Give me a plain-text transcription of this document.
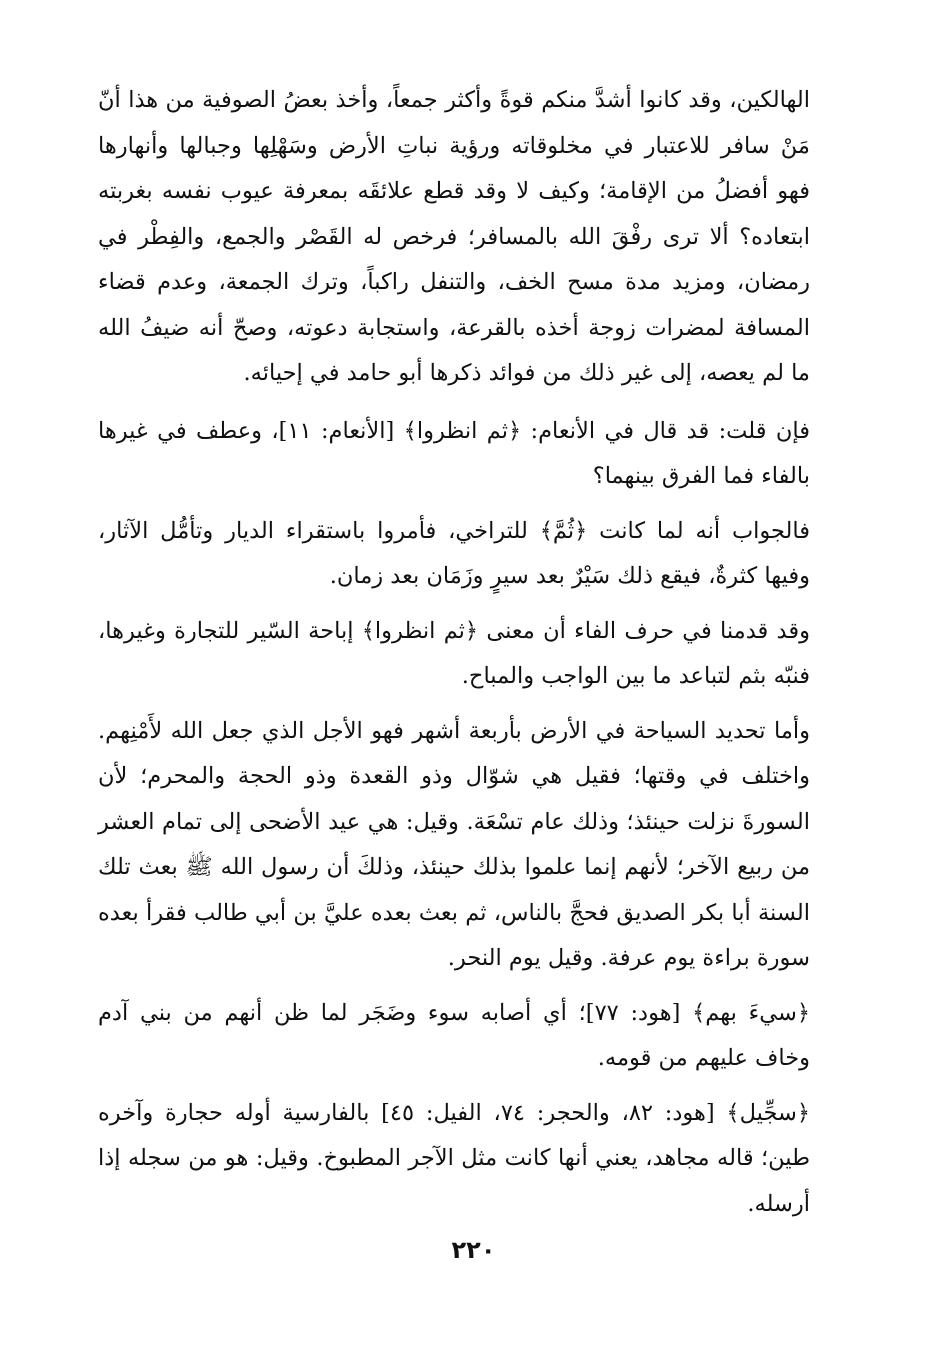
الهالكين، وقد كانوا أشدَّ منكم قوةً وأكثر جمعاً، وأخذ بعضُ الصوفية من هذا أنّ مَنْ سافر للاعتبار في مخلوقاته ورؤية نباتِ الأرض وسَهْلِها وجبالها وأنهارها فهو أفضلُ من الإقامة؛ وكيف لا وقد قطع علائقَه بمعرفة عيوب نفسه بغربته ابتعاده؟ ألا ترى رفْقَ الله بالمسافر؛ فرخص له القَصْر والجمع، والفِطْر في رمضان، ومزيد مدة مسح الخف، والتنفل راكباً، وترك الجمعة، وعدم قضاء المسافة لمضرات زوجة أخذه بالقرعة، واستجابة دعوته، وصحّ أنه ضيفُ الله ما لم يعصه، إلى غير ذلك من فوائد ذكرها أبو حامد في إحيائه.

فإن قلت: قد قال في الأنعام: ﴿ثم انظروا﴾ [الأنعام: ١١]، وعطف في غيرها بالفاء فما الفرق بينهما؟

فالجواب أنه لما كانت ﴿ثُمَّ﴾ للتراخي، فأمروا باستقراء الديار وتأمُّل الآثار، وفيها كثرةٌ، فيقع ذلك سَيْرٌ بعد سيرٍ وزَمَان بعد زمان.

وقد قدمنا في حرف الفاء أن معنى ﴿ثم انظروا﴾ إباحة السّير للتجارة وغيرها، فنبّه بثم لتباعد ما بين الواجب والمباح.

وأما تحديد السياحة في الأرض بأربعة أشهر فهو الأجل الذي جعل الله لأَمْنِهم. واختلف في وقتها؛ فقيل هي شوّال وذو القعدة وذو الحجة والمحرم؛ لأن السورةَ نزلت حينئذ؛ وذلك عام تسْعَة. وقيل: هي عيد الأضحى إلى تمام العشر من ربيع الآخر؛ لأنهم إنما علموا بذلك حينئذ، وذلكَ أن رسول الله ﷺ بعث تلك السنة أبا بكر الصديق فحجَّ بالناس، ثم بعث بعده عليَّ بن أبي طالب فقرأ بعده سورة براءة يوم عرفة. وقيل يوم النحر.

﴿سيءَ بهم﴾ [هود: ٧٧]؛ أي أصابه سوء وضَجَر لما ظن أنهم من بني آدم وخاف عليهم من قومه.

﴿سجِّيل﴾ [هود: ٨٢، والحجر: ٧٤، الفيل: ٤٥] بالفارسية أوله حجارة وآخره طين؛ قاله مجاهد، يعني أنها كانت مثل الآجر المطبوخ. وقيل: هو من سجله إذا أرسله.

٢٢٠
